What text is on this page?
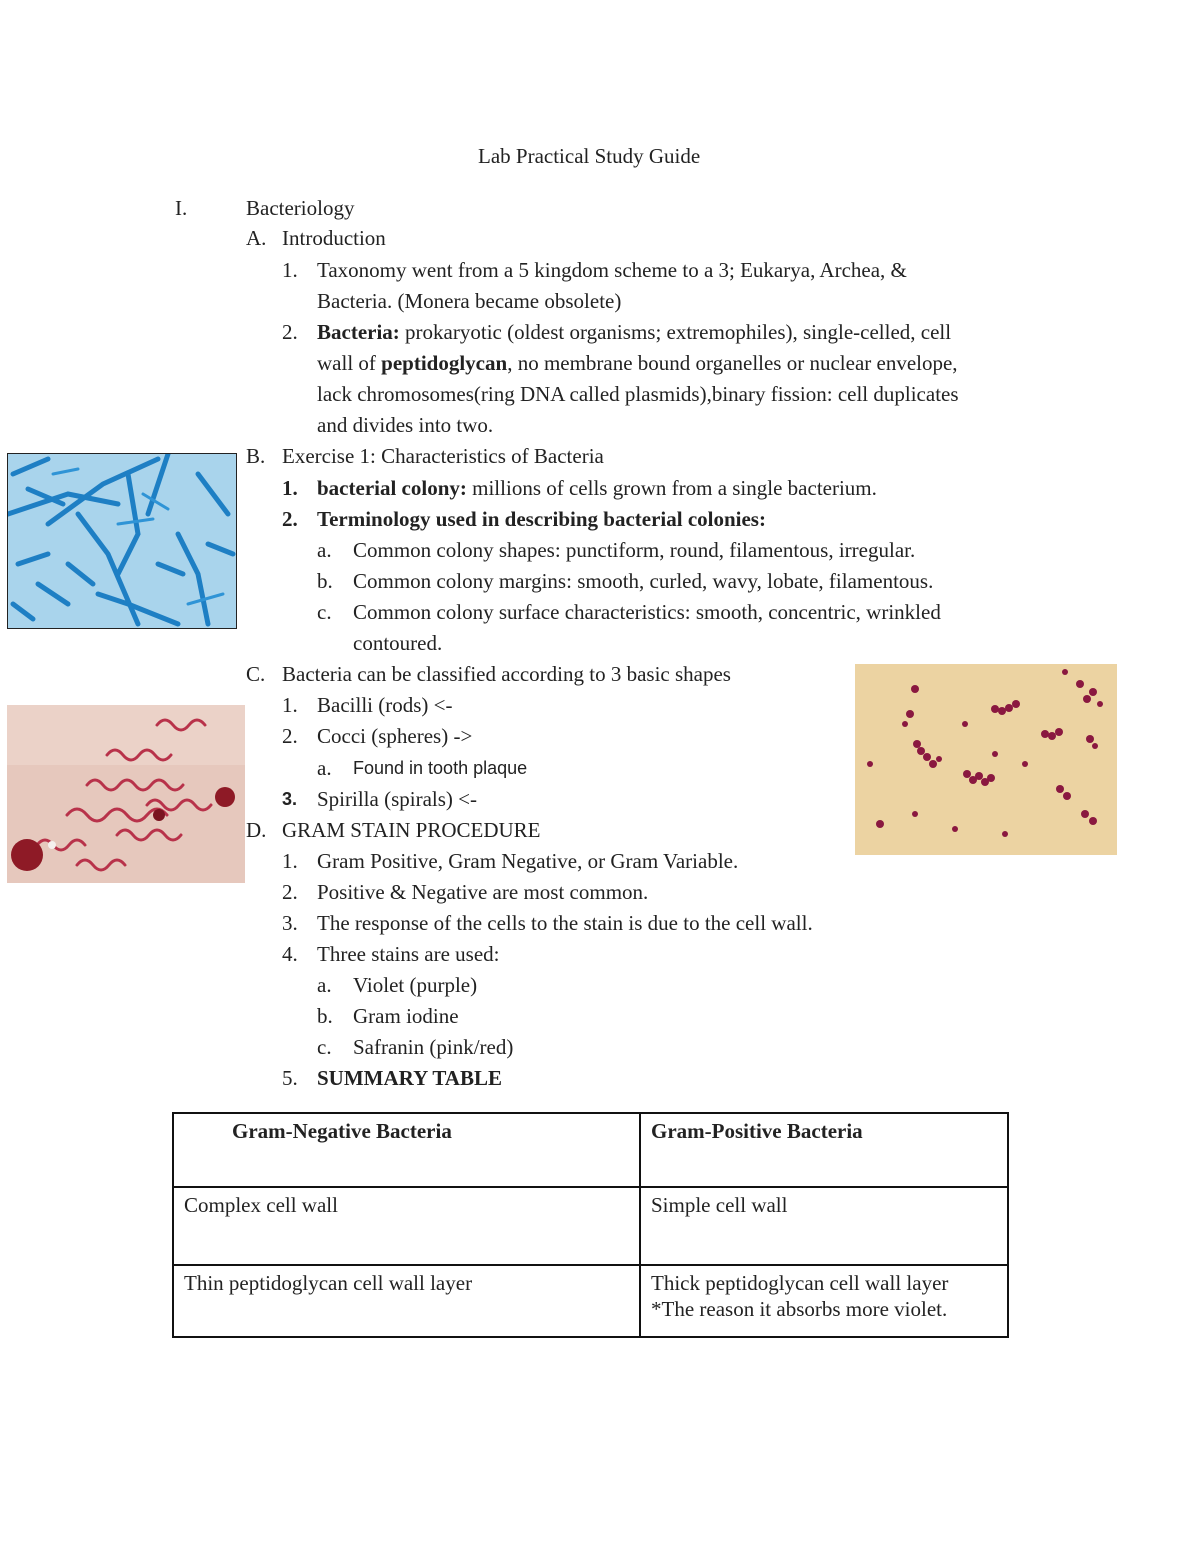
Lab Practical Study Guide
I.	Bacteriology
A. Introduction
1. Taxonomy went from a 5 kingdom scheme to a 3; Eukarya, Archea, &
Bacteria. (Monera became obsolete)
2. Bacteria: prokaryotic (oldest organisms; extremophiles), single-celled, cell
wall of peptidoglycan, no membrane bound organelles or nuclear envelope,
lack chromosomes(ring DNA called plasmids),binary fission: cell duplicates
and divides into two.
B. Exercise 1: Characteristics of Bacteria
1. bacterial colony: millions of cells grown from a single bacterium.
2. Terminology used in describing bacterial colonies:
a. Common colony shapes: punctiform, round, filamentous, irregular.
b. Common colony margins: smooth, curled, wavy, lobate, filamentous.
c. Common colony surface characteristics: smooth, concentric, wrinkled
contoured.
C. Bacteria can be classified according to 3 basic shapes
1. Bacilli (rods) <-
2. Cocci (spheres) ->
a. Found in tooth plaque
3. Spirilla (spirals) <-
D. GRAM STAIN PROCEDURE
1. Gram Positive, Gram Negative, or Gram Variable.
2. Positive & Negative are most common.
3. The response of the cells to the stain is due to the cell wall.
4. Three stains are used:
a. Violet (purple)
b. Gram iodine
c. Safranin (pink/red)
5. SUMMARY TABLE
Gram-Negative Bacteria	Gram-Positive Bacteria
Complex cell wall	Simple cell wall
Thin peptidoglycan cell wall layer	Thick peptidoglycan cell wall layer
*The reason it absorbs more violet.
